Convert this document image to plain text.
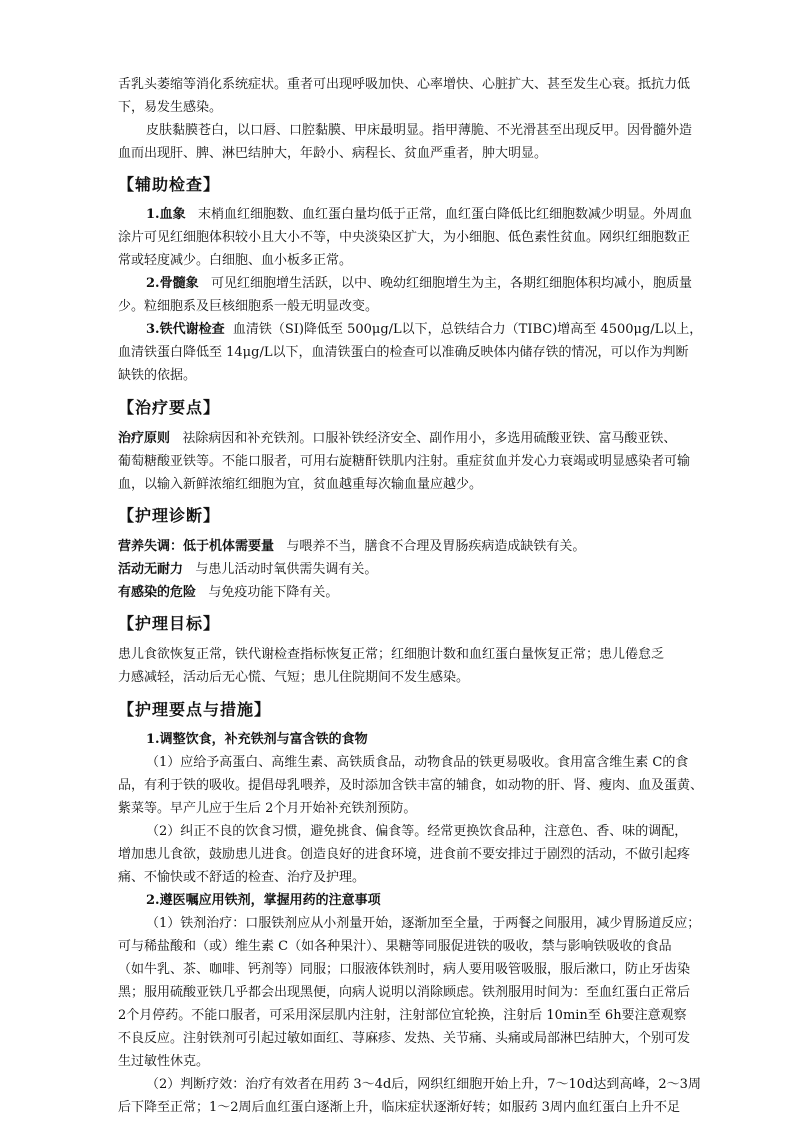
舌乳头萎缩等消化系统症状。重者可出现呼吸加快、心率增快、心脏扩大、甚至发生心衰。抵抗力低
下，易发生感染。
皮肤黏膜苍白，以口唇、口腔黏膜、甲床最明显。指甲薄脆、不光滑甚至出现反甲。因骨髓外造
血而出现肝、脾、淋巴结肿大，年龄小、病程长、贫血严重者，肿大明显。
【辅助检查】
1.血象 末梢血红细胞数、血红蛋白量均低于正常，血红蛋白降低比红细胞数减少明显。外周血
涂片可见红细胞体积较小且大小不等，中央淡染区扩大，为小细胞、低色素性贫血。网织红细胞数正
常或轻度减少。白细胞、血小板多正常。
2.骨髓象 可见红细胞增生活跃，以中、晚幼红细胞增生为主，各期红细胞体积均减小，胞质量
少。粒细胞系及巨核细胞系一般无明显改变。
3.铁代谢检查 血清铁（SI)降低至 500μg/L以下，总铁结合力（TIBC)增高至 4500μg/L以上，
血清铁蛋白降低至 14μg/L以下，血清铁蛋白的检查可以准确反映体内储存铁的情况，可以作为判断
缺铁的依据。
【治疗要点】
治疗原则 祛除病因和补充铁剂。口服补铁经济安全、副作用小，多选用硫酸亚铁、富马酸亚铁、
葡萄糖酸亚铁等。不能口服者，可用右旋糖酐铁肌内注射。重症贫血并发心力衰竭或明显感染者可输
血，以输入新鲜浓缩红细胞为宜，贫血越重每次输血量应越少。
【护理诊断】
营养失调：低于机体需要量 与喂养不当，膳食不合理及胃肠疾病造成缺铁有关。
活动无耐力 与患儿活动时氧供需失调有关。
有感染的危险 与免疫功能下降有关。
【护理目标】
患儿食欲恢复正常，铁代谢检查指标恢复正常；红细胞计数和血红蛋白量恢复正常；患儿倦怠乏
力感减轻，活动后无心慌、气短；患儿住院期间不发生感染。
【护理要点与措施】
1.调整饮食，补充铁剂与富含铁的食物
（1）应给予高蛋白、高维生素、高铁质食品，动物食品的铁更易吸收。食用富含维生素 C的食
品，有利于铁的吸收。提倡母乳喂养，及时添加含铁丰富的辅食，如动物的肝、肾、瘦肉、血及蛋黄、
紫菜等。早产儿应于生后 2个月开始补充铁剂预防。
（2）纠正不良的饮食习惯，避免挑食、偏食等。经常更换饮食品种，注意色、香、味的调配，
增加患儿食欲，鼓励患儿进食。创造良好的进食环境，进食前不要安排过于剧烈的活动，不做引起疼
痛、不愉快或不舒适的检查、治疗及护理。
2.遵医嘱应用铁剂，掌握用药的注意事项
（1）铁剂治疗：口服铁剂应从小剂量开始，逐渐加至全量，于两餐之间服用，减少胃肠道反应；
可与稀盐酸和（或）维生素 C（如各种果汁）、果糖等同服促进铁的吸收，禁与影响铁吸收的食品
（如牛乳、茶、咖啡、钙剂等）同服；口服液体铁剂时，病人要用吸管吸服，服后漱口，防止牙齿染
黑；服用硫酸亚铁几乎都会出现黑便，向病人说明以消除顾虑。铁剂服用时间为：至血红蛋白正常后
2个月停药。不能口服者，可采用深层肌内注射，注射部位宜轮换，注射后 10min至 6h要注意观察
不良反应。注射铁剂可引起过敏如面红、荨麻疹、发热、关节痛、头痛或局部淋巴结肿大，个别可发
生过敏性休克。
（2）判断疗效：治疗有效者在用药 3～4d后，网织红细胞开始上升，7～10d达到高峰，2～3周
后下降至正常；1～2周后血红蛋白逐渐上升，临床症状逐渐好转；如服药 3周内血红蛋白上升不足
